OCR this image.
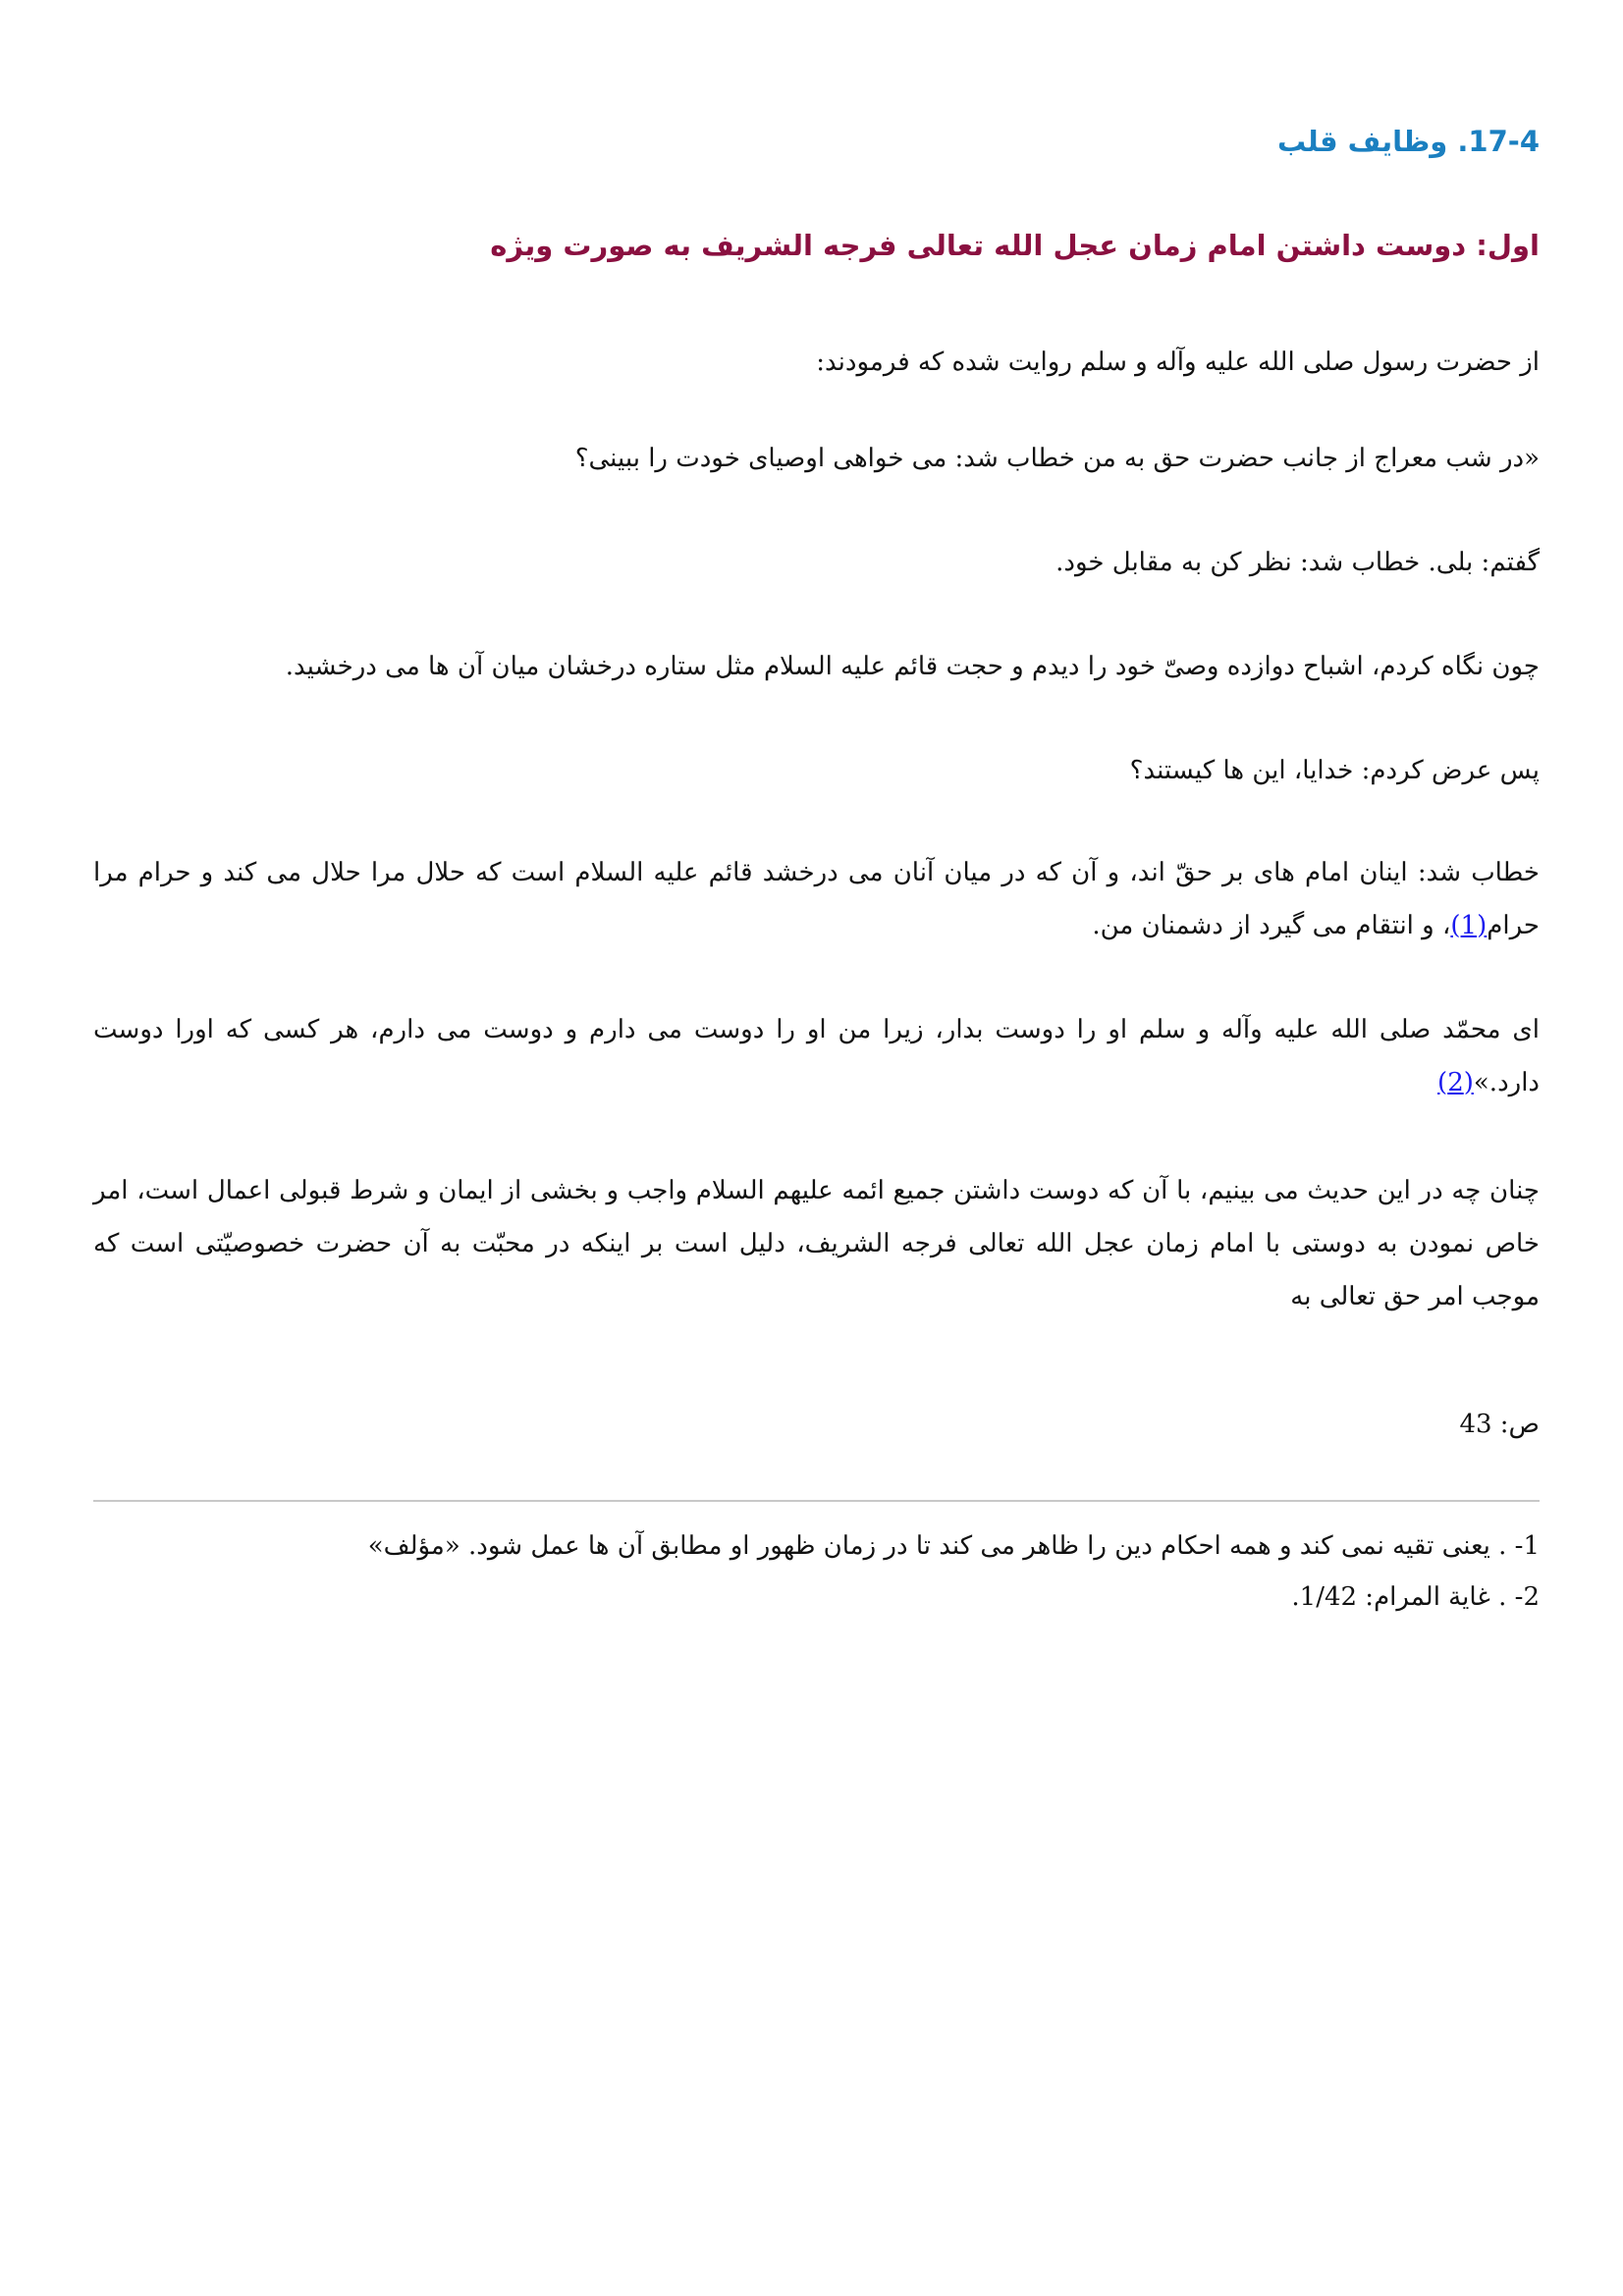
17-4. وظایف قلب
اول: دوست داشتن امام زمان عجل الله تعالی فرجه الشریف به صورت ویژه
از حضرت رسول صلی الله علیه وآله و سلم روایت شده که فرمودند:
«در شب معراج از جانب حضرت حق به من خطاب شد: می خواهی اوصیای خودت را ببینی؟
گفتم: بلی. خطاب شد: نظر کن به مقابل خود.
چون نگاه کردم، اشباح دوازده وصیّ خود را دیدم و حجت قائم علیه السلام مثل ستاره درخشان میان آن ها می درخشید.
پس عرض کردم: خدایا، این ها کیستند؟
خطاب شد: اینان امام های بر حقّ اند، و آن که در میان آنان می درخشد قائم علیه السلام است که حلال مرا حلال می کند و حرام مرا حرام(1)، و انتقام می گیرد از دشمنان من.
ای محمّد صلی الله علیه وآله و سلم او را دوست بدار، زیرا من او را دوست می دارم و دوست می دارم، هر کسی که اورا دوست دارد.»(2)
چنان چه در این حدیث می بینیم، با آن که دوست داشتن جمیع ائمه علیهم السلام واجب و بخشی از ایمان و شرط قبولی اعمال است، امر خاص نمودن به دوستی با امام زمان عجل الله تعالی فرجه الشریف، دلیل است بر اینکه در محبّت به آن حضرت خصوصیّتی است که موجب امر حق تعالی به
ص: 43
1- . یعنی تقیه نمی کند و همه احکام دین را ظاهر می کند تا در زمان ظهور او مطابق آن ها عمل شود. «مؤلف»
2- . غایة المرام: 1/42.
